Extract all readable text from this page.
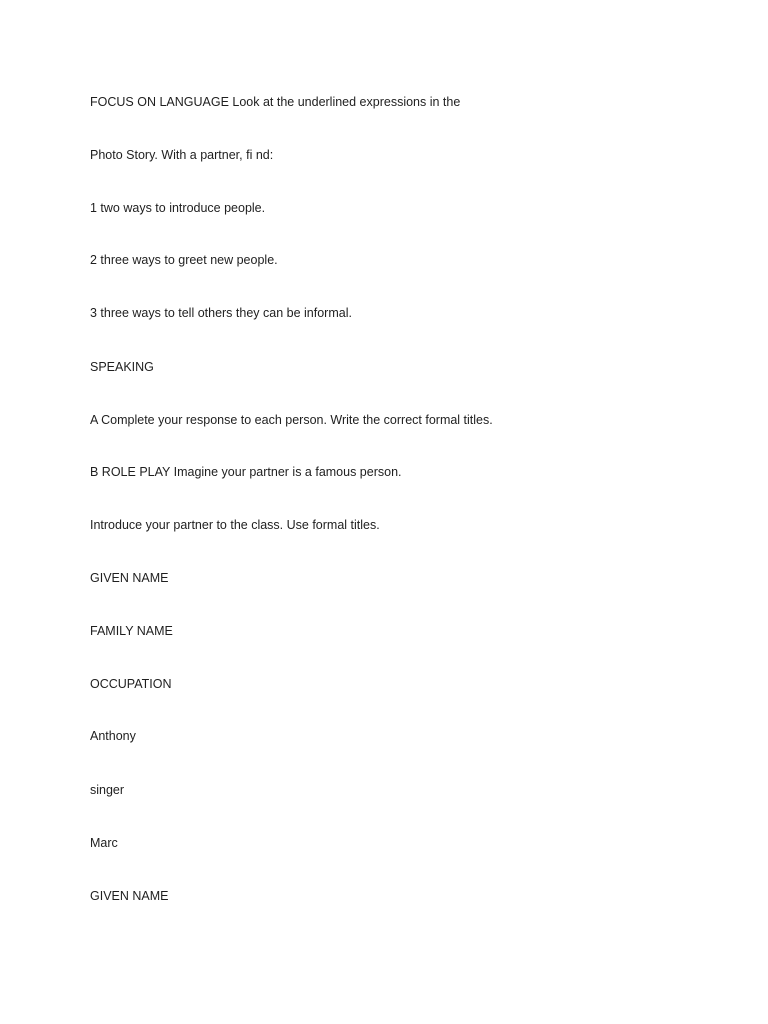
FOCUS ON LANGUAGE Look at the underlined expressions in the

Photo Story. With a partner, fi nd:

1 two ways to introduce people.

2 three ways to greet new people.

3 three ways to tell others they can be informal.

SPEAKING

A Complete your response to each person. Write the correct formal titles.

B ROLE PLAY Imagine your partner is a famous person.

Introduce your partner to the class. Use formal titles.

GIVEN NAME

FAMILY NAME

OCCUPATION

Anthony

singer

Marc

GIVEN NAME
